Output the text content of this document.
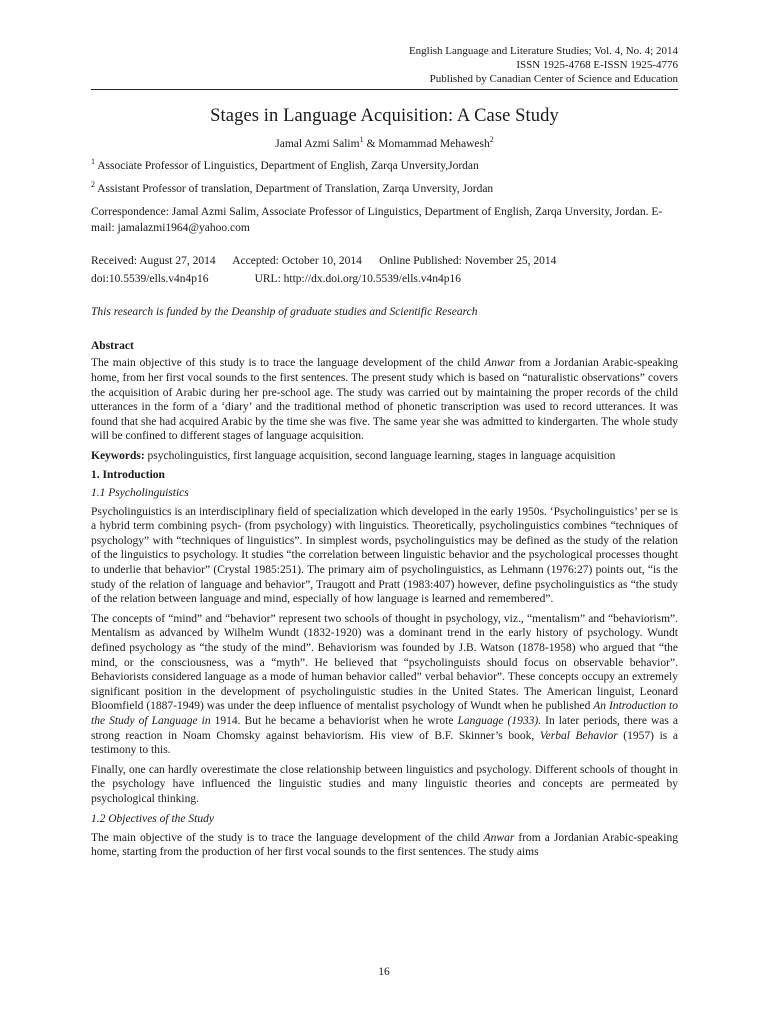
English Language and Literature Studies; Vol. 4, No. 4; 2014
ISSN 1925-4768 E-ISSN 1925-4776
Published by Canadian Center of Science and Education
Stages in Language Acquisition: A Case Study
Jamal Azmi Salim$^1$ & Momammad Mehawesh$^2$
$^1$ Associate Professor of Linguistics, Department of English, Zarqa Unversity,Jordan
$^2$ Assistant Professor of translation, Department of Translation, Zarqa Unversity, Jordan
Correspondence: Jamal Azmi Salim, Associate Professor of Linguistics, Department of English, Zarqa Unversity, Jordan. E-mail: jamalazmi1964@yahoo.com
Received: August 27, 2014 Accepted: October 10, 2014 Online Published: November 25, 2014
doi:10.5539/ells.v4n4p16	URL: http://dx.doi.org/10.5539/ells.v4n4p16
This research is funded by the Deanship of graduate studies and Scientific Research
Abstract

The main objective of this study is to trace the language development of the child Anwar from a Jordanian Arabic-speaking home, from her first vocal sounds to the first sentences. The present study which is based on “naturalistic observations” covers the acquisition of Arabic during her pre-school age. The study was carried out by maintaining the proper records of the child utterances in the form of a ‘diary’ and the traditional method of phonetic transcription was used to record utterances. It was found that she had acquired Arabic by the time she was five. The same year she was admitted to kindergarten. The whole study will be confined to different stages of language acquisition.

Keywords: psycholinguistics, first language acquisition, second language learning, stages in language acquisition

1. Introduction
1.1 Psycholinguistics

Psycholinguistics is an interdisciplinary field of specialization which developed in the early 1950s. ‘Psycholinguistics’ per se is a hybrid term combining psych- (from psychology) with linguistics. Theoretically, psycholinguistics combines “techniques of psychology” with “techniques of linguistics”. In simplest words, psycholinguistics may be defined as the study of the relation of the linguistics to psychology. It studies “the correlation between linguistic behavior and the psychological processes thought to underlie that behavior” (Crystal 1985:251). The primary aim of psycholinguistics, as Lehmann (1976:27) points out, “is the study of the relation of language and behavior”, Traugott and Pratt (1983:407) however, define psycholinguistics as “the study of the relation between language and mind, especially of how language is learned and remembered”.

The concepts of “mind” and “behavior” represent two schools of thought in psychology, viz., “mentalism” and “behaviorism”. Mentalism as advanced by Wilhelm Wundt (1832-1920) was a dominant trend in the early history of psychology. Wundt defined psychology as “the study of the mind”. Behaviorism was founded by J.B. Watson (1878-1958) who argued that “the mind, or the consciousness, was a “myth”. He believed that “psycholinguists should focus on observable behavior”. Behaviorists considered language as a mode of human behavior called” verbal behavior”. These concepts occupy an extremely significant position in the development of psycholinguistic studies in the United States. The American linguist, Leonard Bloomfield (1887-1949) was under the deep influence of mentalist psychology of Wundt when he published An Introduction to the Study of Language in 1914. But he became a behaviorist when he wrote Language (1933). In later periods, there was a strong reaction in Noam Chomsky against behaviorism. His view of B.F. Skinner’s book, Verbal Behavior (1957) is a testimony to this.

Finally, one can hardly overestimate the close relationship between linguistics and psychology. Different schools of thought in the psychology have influenced the linguistic studies and many linguistic theories and concepts are permeated by psychological thinking.

1.2 Objectives of the Study

The main objective of the study is to trace the language development of the child Anwar from a Jordanian Arabic-speaking home, starting from the production of her first vocal sounds to the first sentences. The study aims

16
